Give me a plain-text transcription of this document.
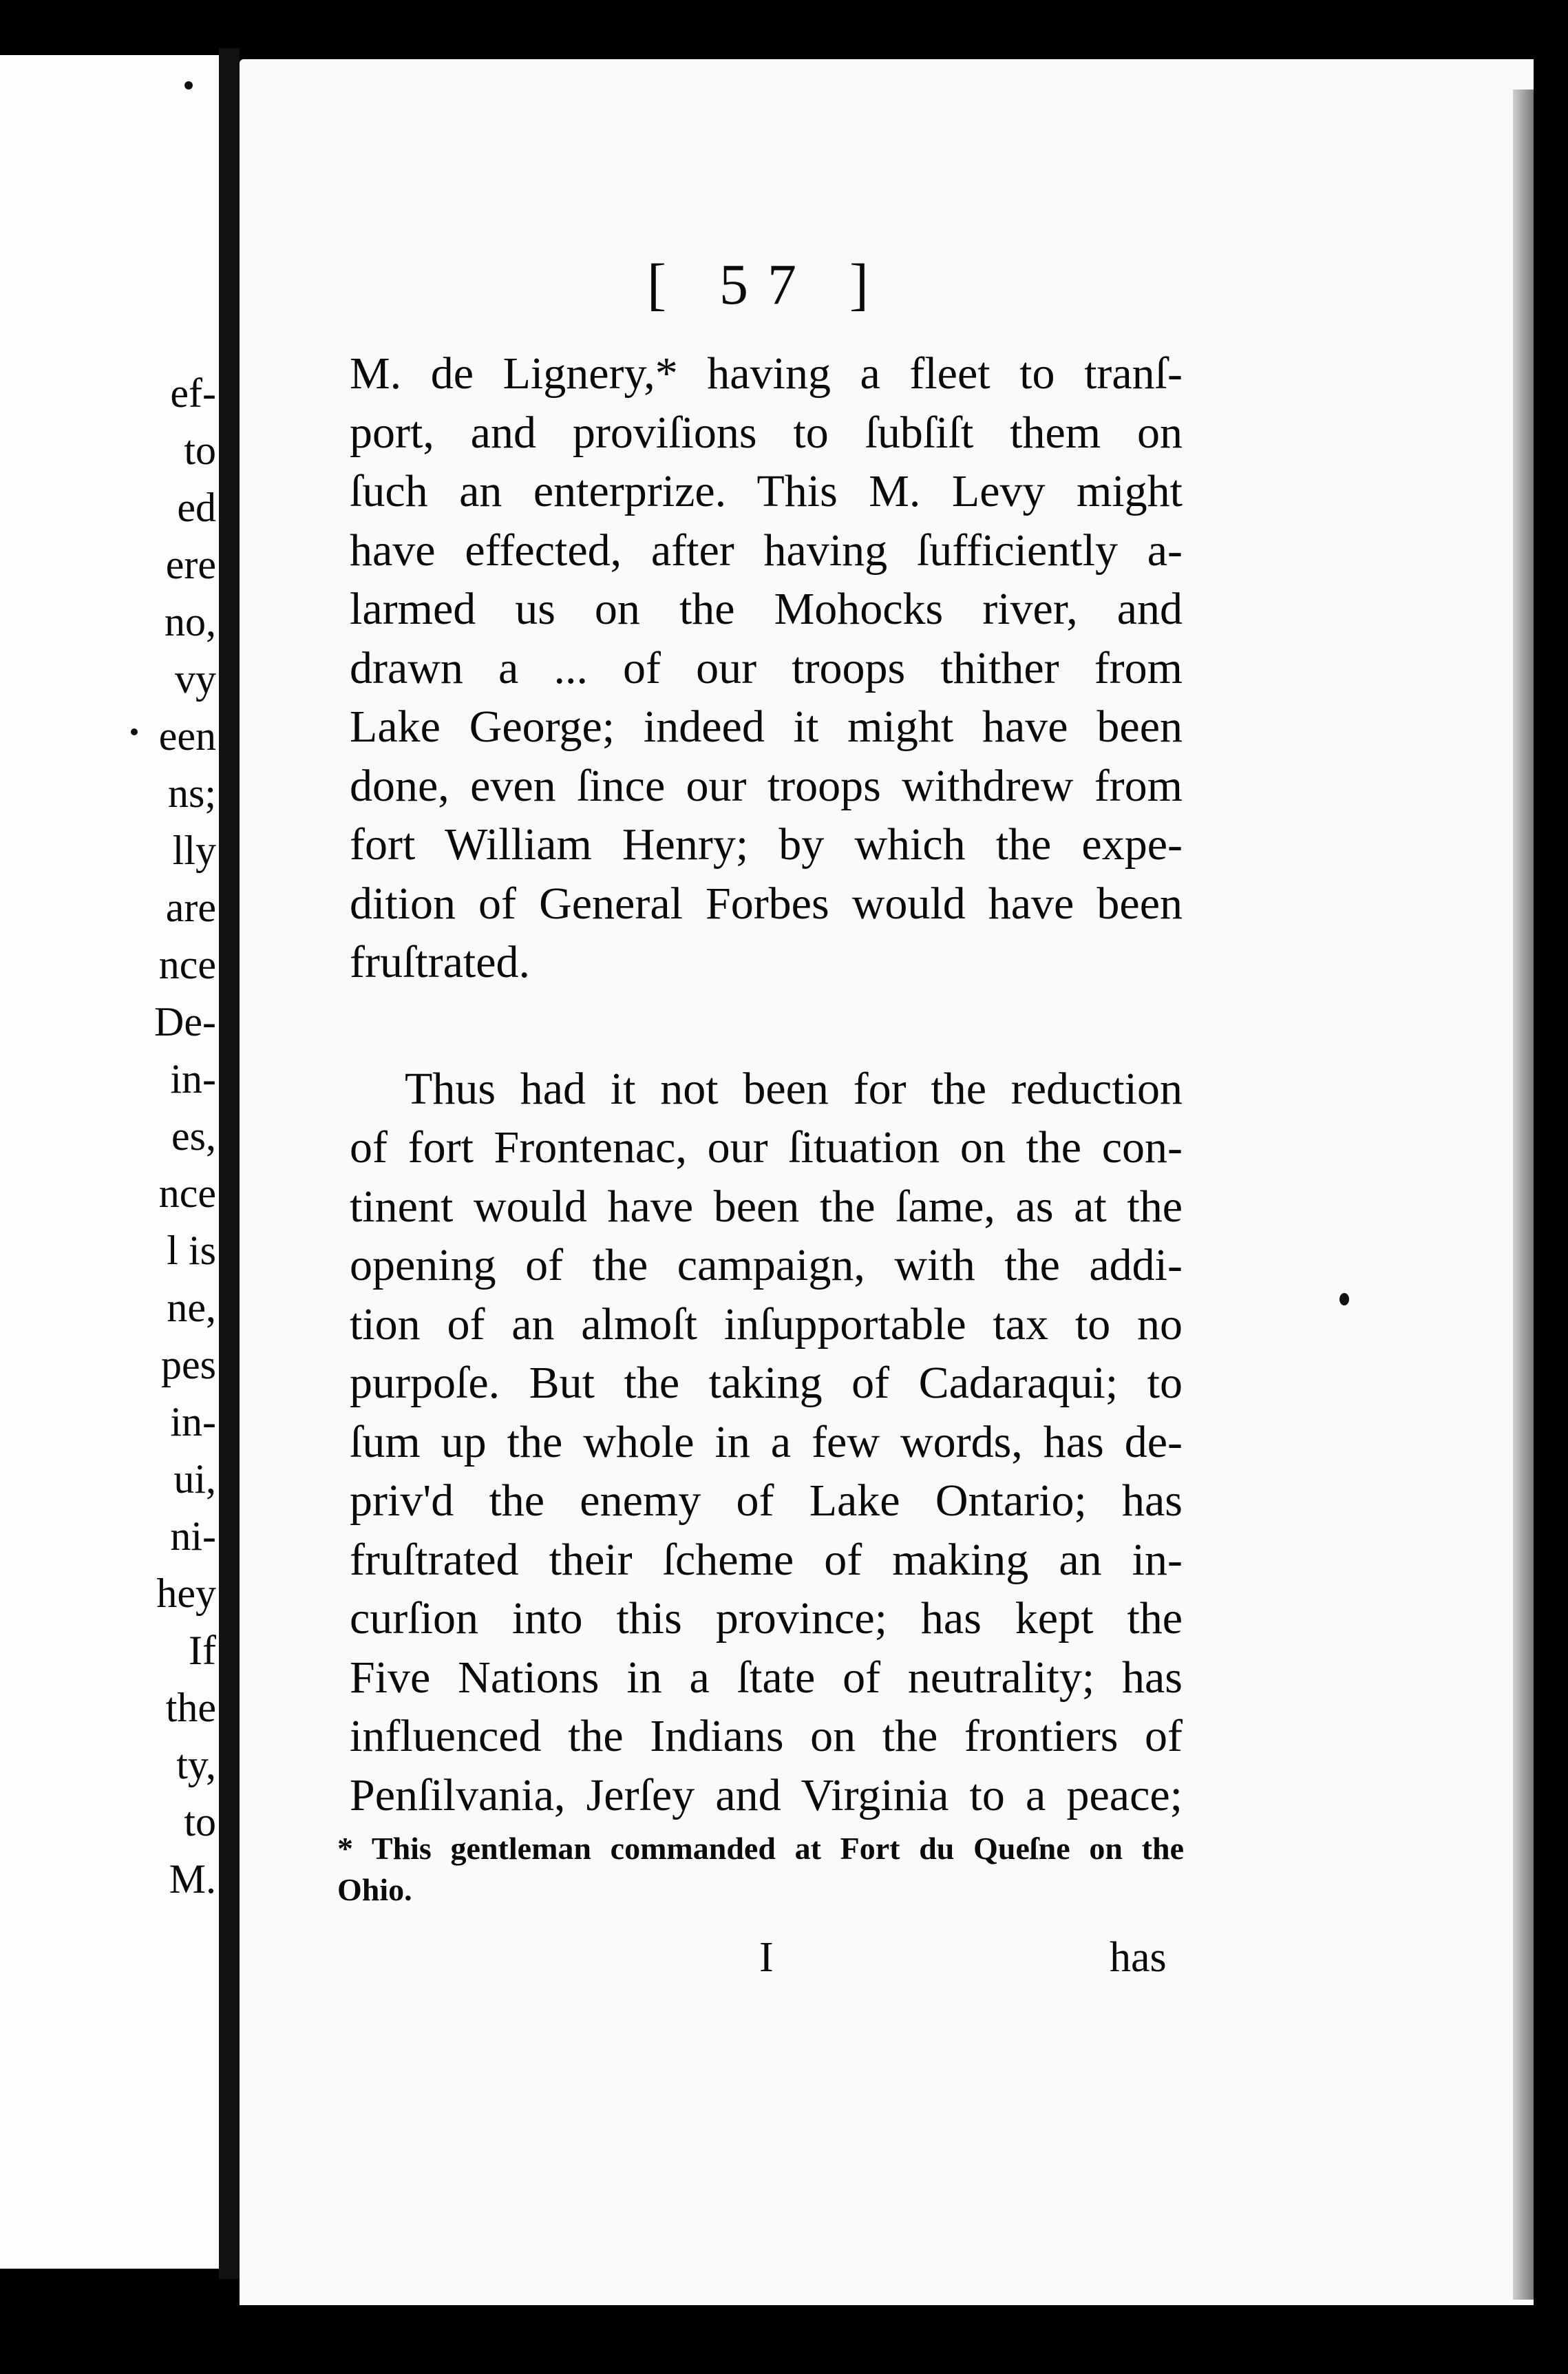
ef-
to
ed
ere
no,
vy
een
ns;
lly
are
nce
De-
in-
es,
nce
l is
ne,
pes
in-
ui,
ni-
hey
If
the
ty,
to
M.
[ 57 ]
M. de Lignery,* having a fleet to tranſ-
port, and proviſions to ſubſiſt them on
ſuch an enterprize. This M. Levy might
have effected, after having ſufficiently a-
larmed us on the Mohocks river, and
drawn a ... of our troops thither from
Lake George; indeed it might have been
done, even ſince our troops withdrew from
fort William Henry; by which the expe-
dition of General Forbes would have been
fruſtrated.
Thus had it not been for the reduction
of fort Frontenac, our ſituation on the con-
tinent would have been the ſame, as at the
opening of the campaign, with the addi-
tion of an almoſt inſupportable tax to no
purpoſe. But the taking of Cadaraqui; to
ſum up the whole in a few words, has de-
priv'd the enemy of Lake Ontario; has
fruſtrated their ſcheme of making an in-
curſion into this province; has kept the
Five Nations in a ſtate of neutrality; has
influenced the Indians on the frontiers of
Penſilvania, Jerſey and Virginia to a peace;
* This gentleman commanded at Fort du Queſne on the
Ohio.
I	has
